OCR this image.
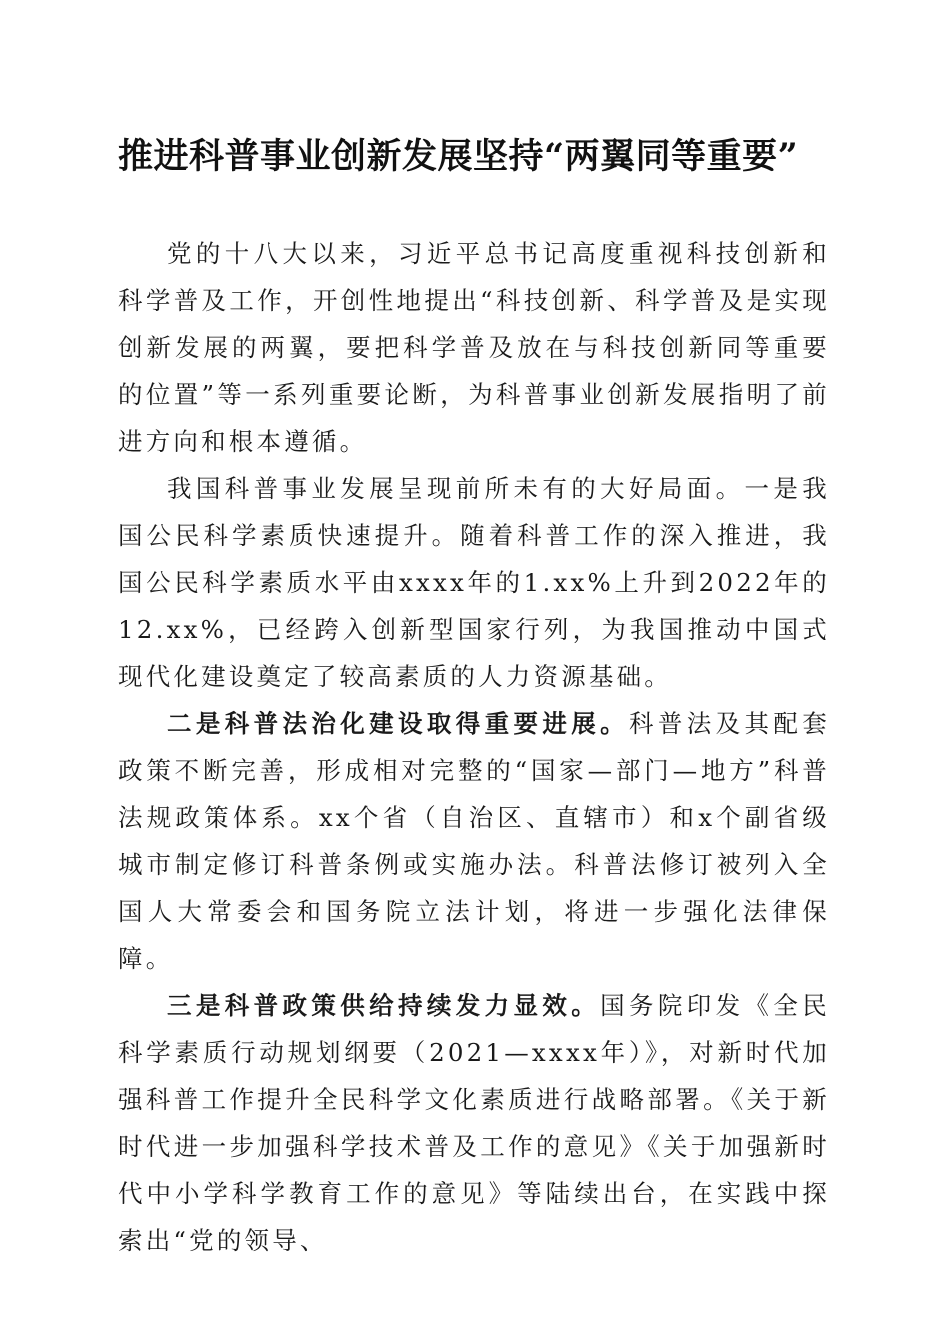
推进科普事业创新发展坚持“两翼同等重要”

党的十八大以来，习近平总书记高度重视科技创新和科学普及工作，开创性地提出“科技创新、科学普及是实现创新发展的两翼，要把科学普及放在与科技创新同等重要的位置”等一系列重要论断，为科普事业创新发展指明了前进方向和根本遵循。

我国科普事业发展呈现前所未有的大好局面。一是我国公民科学素质快速提升。随着科普工作的深入推进，我国公民科学素质水平由xxxx年的1.xx%上升到2022年的12.xx%，已经跨入创新型国家行列，为我国推动中国式现代化建设奠定了较高素质的人力资源基础。

二是科普法治化建设取得重要进展。科普法及其配套政策不断完善，形成相对完整的“国家—部门—地方”科普法规政策体系。xx个省（自治区、直辖市）和x个副省级城市制定修订科普条例或实施办法。科普法修订被列入全国人大常委会和国务院立法计划，将进一步强化法律保障。

三是科普政策供给持续发力显效。国务院印发《全民科学素质行动规划纲要（2021—xxxx年）》，对新时代加强科普工作提升全民科学文化素质进行战略部署。《关于新时代进一步加强科学技术普及工作的意见》《关于加强新时代中小学科学教育工作的意见》等陆续出台，在实践中探索出“党的领导、
